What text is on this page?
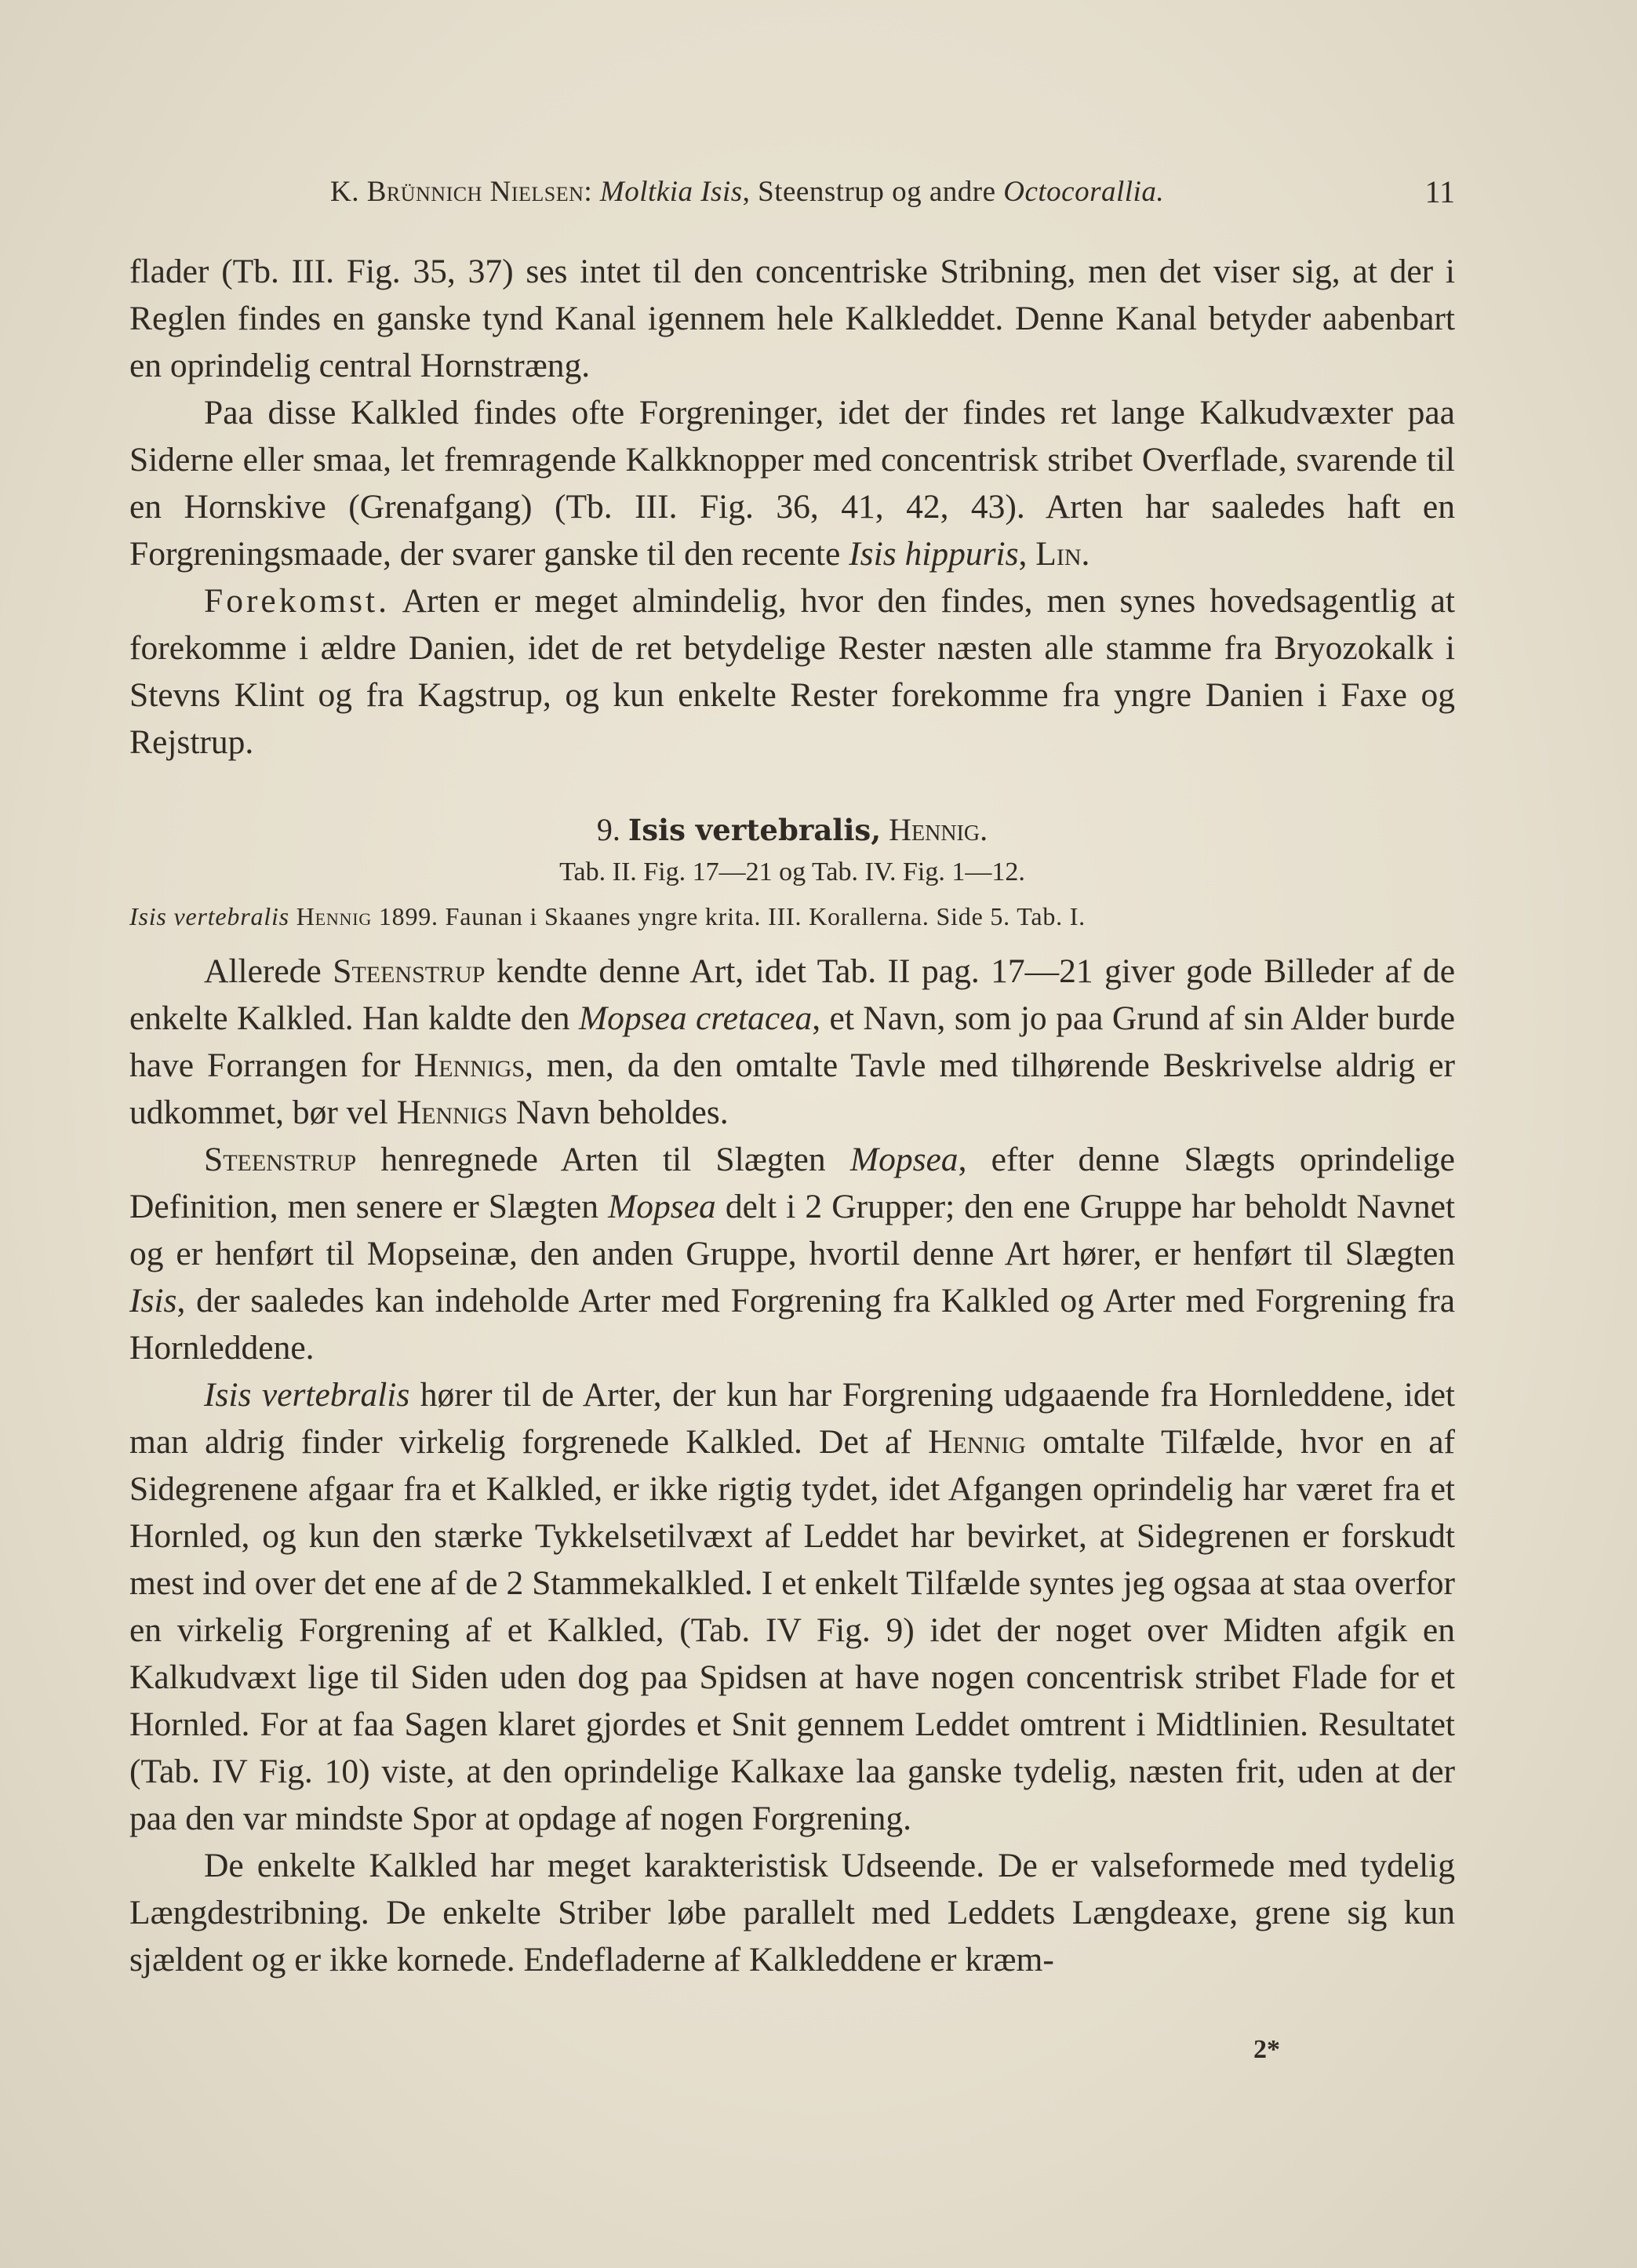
K. Brünnich Nielsen: Moltkia Isis, Steenstrup og andre Octocorallia.	11

flader (Tb. III. Fig. 35, 37) ses intet til den concentriske Stribning, men det viser sig, at der i Reglen findes en ganske tynd Kanal igennem hele Kalkleddet. Denne Kanal betyder aabenbart en oprindelig central Hornstræng.

Paa disse Kalkled findes ofte Forgreninger, idet der findes ret lange Kalkudvæxter paa Siderne eller smaa, let fremragende Kalkknopper med concentrisk stribet Overflade, svarende til en Hornskive (Grenafgang) (Tb. III. Fig. 36, 41, 42, 43). Arten har saaledes haft en Forgreningsmaade, der svarer ganske til den recente Isis hippuris, Lin.

Forekomst. Arten er meget almindelig, hvor den findes, men synes hovedsagentlig at forekomme i ældre Danien, idet de ret betydelige Rester næsten alle stamme fra Bryozokalk i Stevns Klint og fra Kagstrup, og kun enkelte Rester forekomme fra yngre Danien i Faxe og Rejstrup.

9. Isis vertebralis, Hennig.
Tab. II. Fig. 17—21 og Tab. IV. Fig. 1—12.
Isis vertebralis Hennig 1899. Faunan i Skaanes yngre krita. III. Korallerna. Side 5. Tab. I.

Allerede Steenstrup kendte denne Art, idet Tab. II pag. 17—21 giver gode Billeder af de enkelte Kalkled. Han kaldte den Mopsea cretacea, et Navn, som jo paa Grund af sin Alder burde have Forrangen for Hennigs, men, da den omtalte Tavle med tilhørende Beskrivelse aldrig er udkommet, bør vel Hennigs Navn beholdes.

Steenstrup henregnede Arten til Slægten Mopsea, efter denne Slægts oprindelige Definition, men senere er Slægten Mopsea delt i 2 Grupper; den ene Gruppe har beholdt Navnet og er henført til Mopseinæ, den anden Gruppe, hvortil denne Art hører, er henført til Slægten Isis, der saaledes kan indeholde Arter med Forgrening fra Kalkled og Arter med Forgrening fra Hornleddene.

Isis vertebralis hører til de Arter, der kun har Forgrening udgaaende fra Hornleddene, idet man aldrig finder virkelig forgrenede Kalkled. Det af Hennig omtalte Tilfælde, hvor en af Sidegrenene afgaar fra et Kalkled, er ikke rigtig tydet, idet Afgangen oprindelig har været fra et Hornled, og kun den stærke Tykkelsetilvæxt af Leddet har bevirket, at Sidegrenen er forskudt mest ind over det ene af de 2 Stammekalkled. I et enkelt Tilfælde syntes jeg ogsaa at staa overfor en virkelig Forgrening af et Kalkled, (Tab. IV Fig. 9) idet der noget over Midten afgik en Kalkudvæxt lige til Siden uden dog paa Spidsen at have nogen concentrisk stribet Flade for et Hornled. For at faa Sagen klaret gjordes et Snit gennem Leddet omtrent i Midtlinien. Resultatet (Tab. IV Fig. 10) viste, at den oprindelige Kalkaxe laa ganske tydelig, næsten frit, uden at der paa den var mindste Spor at opdage af nogen Forgrening.

De enkelte Kalkled har meget karakteristisk Udseende. De er valseformede med tydelig Længdestribning. De enkelte Striber løbe parallelt med Leddets Længdeaxe, grene sig kun sjældent og er ikke kornede. Endefladerne af Kalkleddene er kræm-

2*
